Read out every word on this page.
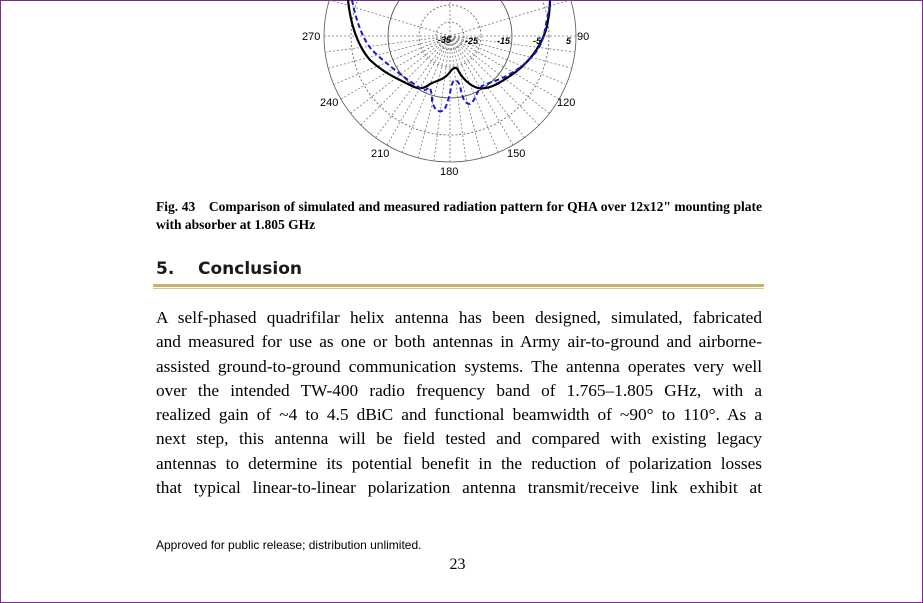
270
240
210
180
150
120
90
-35 -25 -15	-5	5
Fig. 43 Comparison of simulated and measured radiation pattern for QHA over 12x12" mounting plate with absorber at 1.805 GHz
5. Conclusion
A self-phased quadrifilar helix antenna has been designed, simulated, fabricated
and measured for use as one or both antennas in Army air-to-ground and airborne-
assisted ground-to-ground communication systems. The antenna operates very well
over the intended TW-400 radio frequency band of 1.765–1.805 GHz, with a
realized gain of ~4 to 4.5 dBiC and functional beamwidth of ~90° to 110°. As a
next step, this antenna will be field tested and compared with existing legacy
antennas to determine its potential benefit in the reduction of polarization losses
that typical linear-to-linear polarization antenna transmit/receive link exhibit at
Approved for public release; distribution unlimited.
23
